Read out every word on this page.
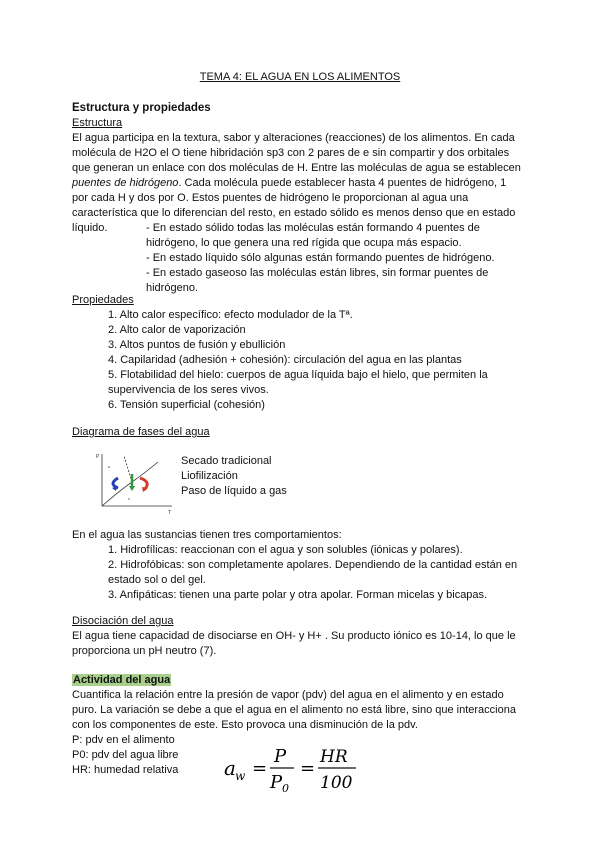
TEMA 4: EL AGUA EN LOS ALIMENTOS
Estructura y propiedades
Estructura

El agua participa en la textura, sabor y alteraciones (reacciones) de los alimentos. En cada

molécula de H2O el O tiene hibridación sp3 con 2 pares de e sin compartir y dos orbitales

que generan un enlace con dos moléculas de H. Entre las moléculas de agua se establecen

puentes de hidrógeno. Cada molécula puede establecer hasta 4 puentes de hidrógeno, 1

por cada H y dos por O. Estos puentes de hidrógeno le proporcionan al agua una

característica que lo diferencian del resto, en estado sólido es menos denso que en estado

líquido.	- En estado sólido todas las moléculas están formando 4 puentes de

hidrógeno, lo que genera una red rígida que ocupa más espacio.

- En estado líquido sólo algunas están formando puentes de hidrógeno.

- En estado gaseoso las moléculas están libres, sin formar puentes de

hidrógeno.

Propiedades
1. Alto calor específico: efecto modulador de la Tª.
2. Alto calor de vaporización
3. Altos puntos de fusión y ebullición
4. Capilaridad (adhesión + cohesión): circulación del agua en las plantas
5. Flotabilidad del hielo: cuerpos de agua líquida bajo el hielo, que permiten la
supervivencia de los seres vivos.
6. Tensión superficial (cohesión)
Diagrama de fases del agua
P
T
s
v

Secado tradicional

Liofilización

Paso de líquido a gas

En el agua las sustancias tienen tres comportamientos:
1. Hidrofílicas: reaccionan con el agua y son solubles (iónicas y polares).
2. Hidrofóbicas: son completamente apolares. Dependiendo de la cantidad están en
estado sol o del gel.
3. Anfipáticas: tienen una parte polar y otra apolar. Forman micelas y bicapas.
Disociación del agua

El agua tiene capacidad de disociarse en OH- y H+ . Su producto iónico es 10-14, lo que le

proporciona un pH neutro (7).

Actividad del agua

Cuantifica la relación entre la presión de vapor (pdv) del agua en el alimento y en estado

puro. La variación se debe a que el agua en el alimento no está libre, sino que interacciona

con los componentes de este. Esto provoca una disminución de la pdv.

P: pdv en el alimento

P0: pdv del agua libre

HR: humedad relativa a w =
P
P 0
=
HR
100
